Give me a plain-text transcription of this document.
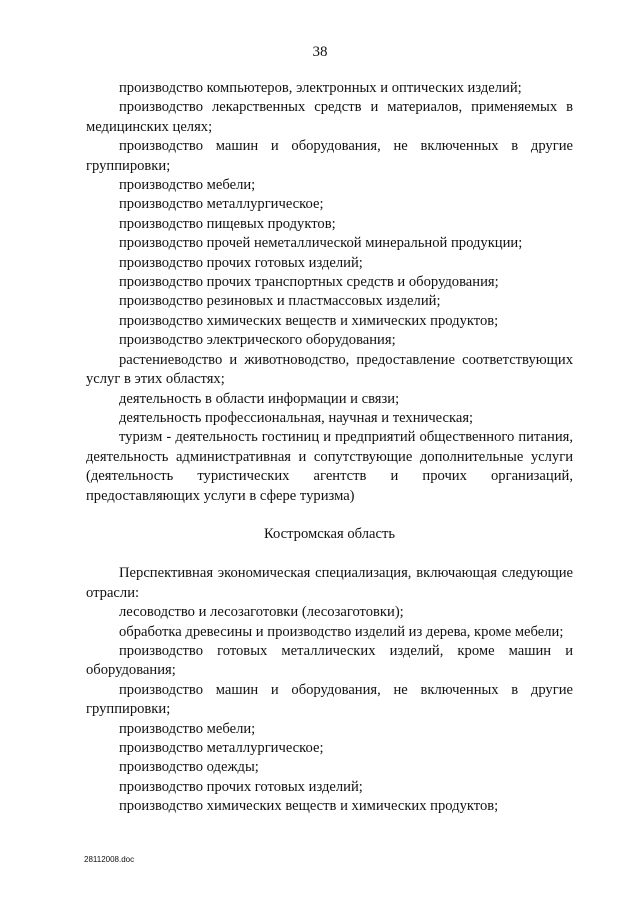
38

производство компьютеров, электронных и оптических изделий;

производство лекарственных средств и материалов, применяемых в медицинских целях;

производство машин и оборудования, не включенных в другие группировки;

производство мебели;

производство металлургическое;

производство пищевых продуктов;

производство прочей неметаллической минеральной продукции;

производство прочих готовых изделий;

производство прочих транспортных средств и оборудования;

производство резиновых и пластмассовых изделий;

производство химических веществ и химических продуктов;

производство электрического оборудования;

растениеводство и животноводство, предоставление соответствующих услуг в этих областях;

деятельность в области информации и связи;

деятельность профессиональная, научная и техническая;

туризм - деятельность гостиниц и предприятий общественного питания, деятельность административная и сопутствующие дополнительные услуги (деятельность туристических агентств и прочих организаций, предоставляющих услуги в сфере туризма)

Костромская область

Перспективная экономическая специализация, включающая следующие отрасли:

лесоводство и лесозаготовки (лесозаготовки);

обработка древесины и производство изделий из дерева, кроме мебели;

производство готовых металлических изделий, кроме машин и оборудования;

производство машин и оборудования, не включенных в другие группировки;

производство мебели;

производство металлургическое;

производство одежды;

производство прочих готовых изделий;

производство химических веществ и химических продуктов;

28112008.doc
